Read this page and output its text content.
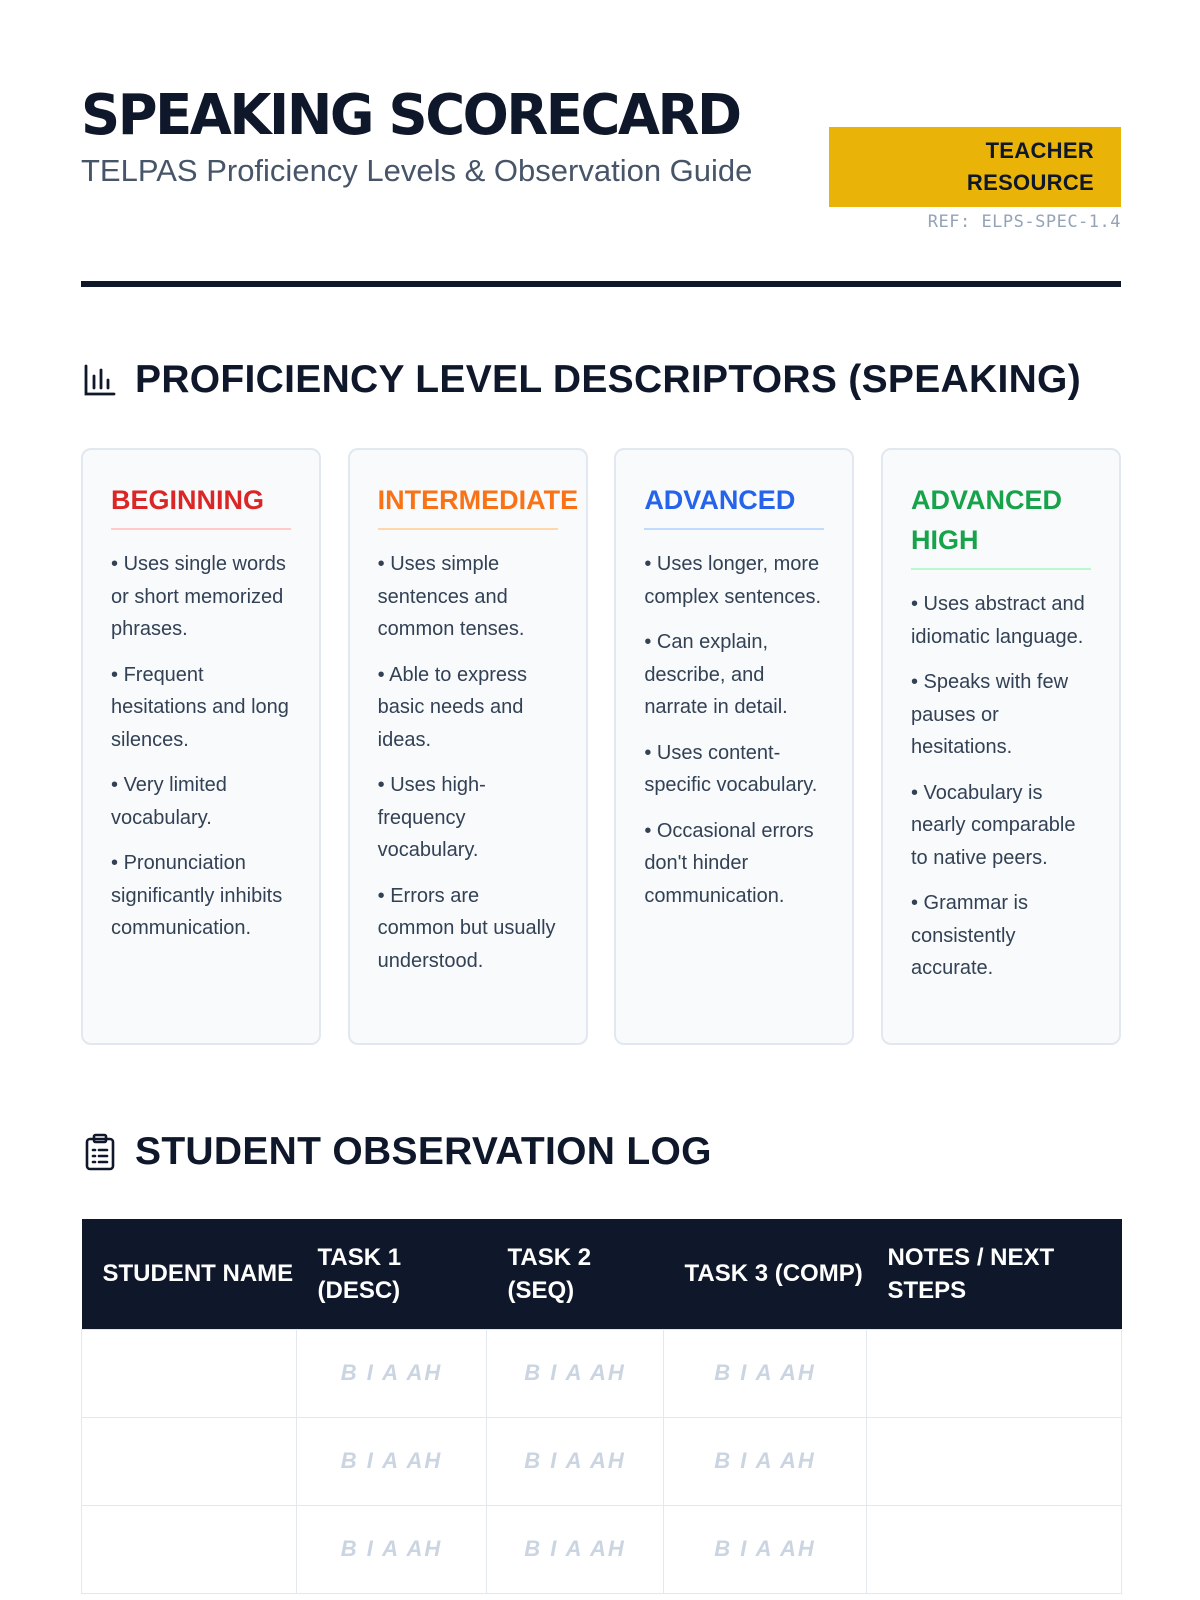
SPEAKING SCORECARD
TELPAS Proficiency Levels & Observation Guide
TEACHER RESOURCE
REF: ELPS-SPEC-1.4
PROFICIENCY LEVEL DESCRIPTORS (SPEAKING)
BEGINNING
• Uses single words or short memorized phrases.
• Frequent hesitations and long silences.
• Very limited vocabulary.
• Pronunciation significantly inhibits communication.
INTERMEDIATE
• Uses simple sentences and common tenses.
• Able to express basic needs and ideas.
• Uses high-frequency vocabulary.
• Errors are common but usually understood.
ADVANCED
• Uses longer, more complex sentences.
• Can explain, describe, and narrate in detail.
• Uses content-specific vocabulary.
• Occasional errors don't hinder communication.
ADVANCED HIGH
• Uses abstract and idiomatic language.
• Speaks with few pauses or hesitations.
• Vocabulary is nearly comparable to native peers.
• Grammar is consistently accurate.
STUDENT OBSERVATION LOG
STUDENT NAME	TASK 1 (DESC)	TASK 2 (SEQ)	TASK 3 (COMP)	NOTES / NEXT STEPS
	B I A AH	B I A AH	B I A AH	
	B I A AH	B I A AH	B I A AH	
	B I A AH	B I A AH	B I A AH	
